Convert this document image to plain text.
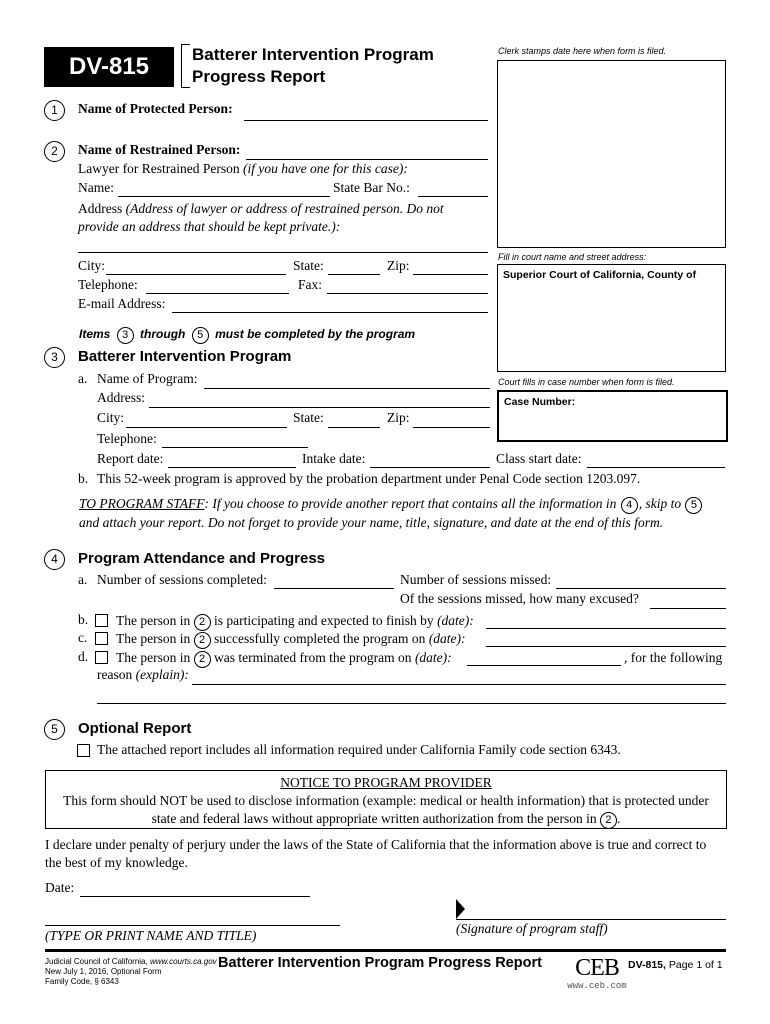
DV-815	Batterer Intervention Program
Progress Report
Clerk stamps date here when form is filed.
Fill in court name and street address:
Superior Court of California, County of
Court fills in case number when form is filed.
Case Number:
1	Name of Protected Person:
2	Name of Restrained Person:
Lawyer for Restrained Person (if you have one for this case):
Name:	State Bar No.:
Address (Address of lawyer or address of restrained person. Do not provide an address that should be kept private.):
City:	State:	Zip:
Telephone:	Fax:
E-mail Address:
Items 3 through 5 must be completed by the program
3	Batterer Intervention Program
a. Name of Program:
Address:
City:	State:	Zip:
Telephone:
Report date:	Intake date:	Class start date:
b. This 52-week program is approved by the probation department under Penal Code section 1203.097.
TO PROGRAM STAFF: If you choose to provide another report that contains all the information in 4 , skip to 5
and attach your report. Do not forget to provide your name, title, signature, and date at the end of this form.
4	Program Attendance and Progress
a. Number of sessions completed:	Number of sessions missed:
Of the sessions missed, how many excused?
b. The person in 2 is participating and expected to finish by (date):
c. The person in 2 successfully completed the program on (date):
d. The person in 2 was terminated from the program on (date):	, for the following
reason (explain):
5	Optional Report
The attached report includes all information required under California Family code section 6343.
NOTICE TO PROGRAM PROVIDER
This form should NOT be used to disclose information (example: medical or health information) that is protected under
state and federal laws without appropriate written authorization from the person in 2 .
I declare under penalty of perjury under the laws of the State of California that the information above is true and correct to
the best of my knowledge.
Date:
(TYPE OR PRINT NAME AND TITLE)	(Signature of program staff)
Judicial Council of California, www.courts.ca.gov
New July 1, 2016, Optional Form
Family Code, § 6343
Batterer Intervention Program Progress Report	CEB
www.ceb.com
DV-815, Page 1 of 1
